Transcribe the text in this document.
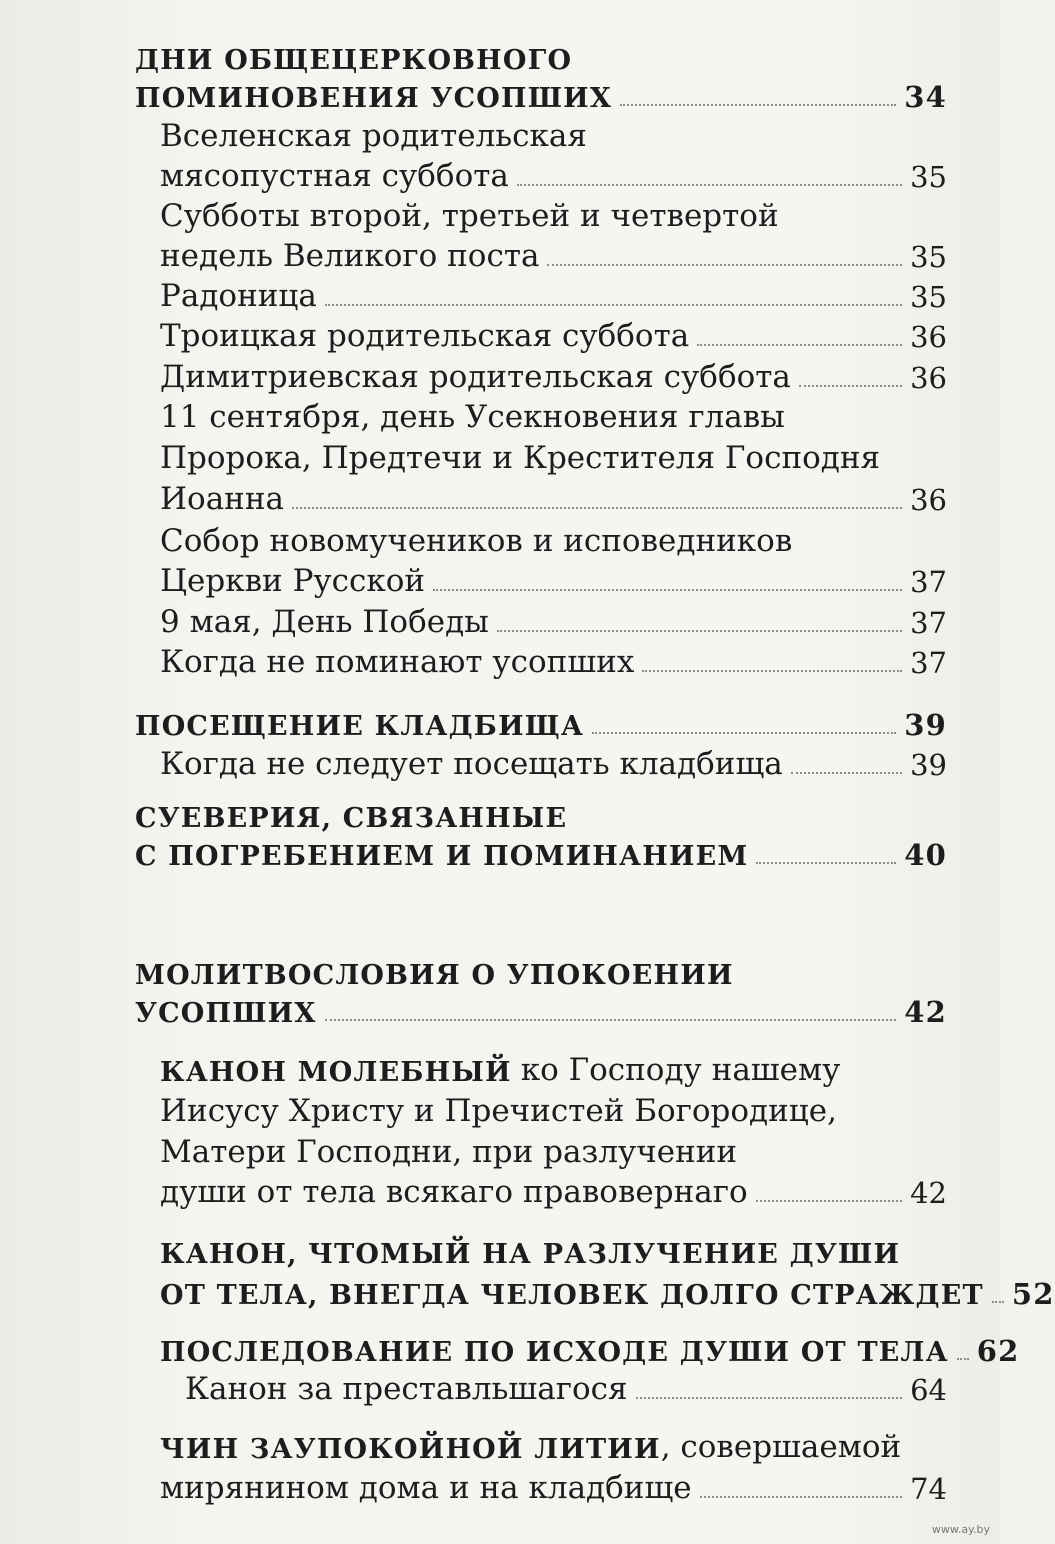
ДНИ ОБЩЕЦЕРКОВНОГО
ПОМИНОВЕНИЯ УСОПШИХ	34
Вселенская родительская
мясопустная суббота	35
Субботы второй, третьей и четвертой
недель Великого поста	35
Радоница	35
Троицкая родительская суббота	36
Димитриевская родительская суббота	36
11 сентября, день Усекновения главы
Пророка, Предтечи и Крестителя Господня
Иоанна	36
Собор новомучеников и исповедников
Церкви Русской	37
9 мая, День Победы	37
Когда не поминают усопших	37
ПОСЕЩЕНИЕ КЛАДБИЩА	39
Когда не следует посещать кладбища	39
СУЕВЕРИЯ, СВЯЗАННЫЕ
С ПОГРЕБЕНИЕМ И ПОМИНАНИЕМ	40
МОЛИТВОСЛОВИЯ О УПОКОЕНИИ
УСОПШИХ	42
КАНОН МОЛЕБНЫЙ ко Господу нашему
Иисусу Христу и Пречистей Богородице,
Матери Господни, при разлучении
души от тела всякаго правовернаго	42
КАНОН, ЧТОМЫЙ НА РАЗЛУЧЕНИЕ ДУШИ
ОТ ТЕЛА, ВНЕГДА ЧЕЛОВЕК ДОЛГО СТРАЖДЕТ 52
ПОСЛЕДОВАНИЕ ПО ИСХОДЕ ДУШИ ОТ ТЕЛА 62
Канон за преставльшагося	64
ЧИН ЗАУПОКОЙНОЙ ЛИТИИ , совершаемой
мирянином дома и на кладбище	74
www.ay.by
